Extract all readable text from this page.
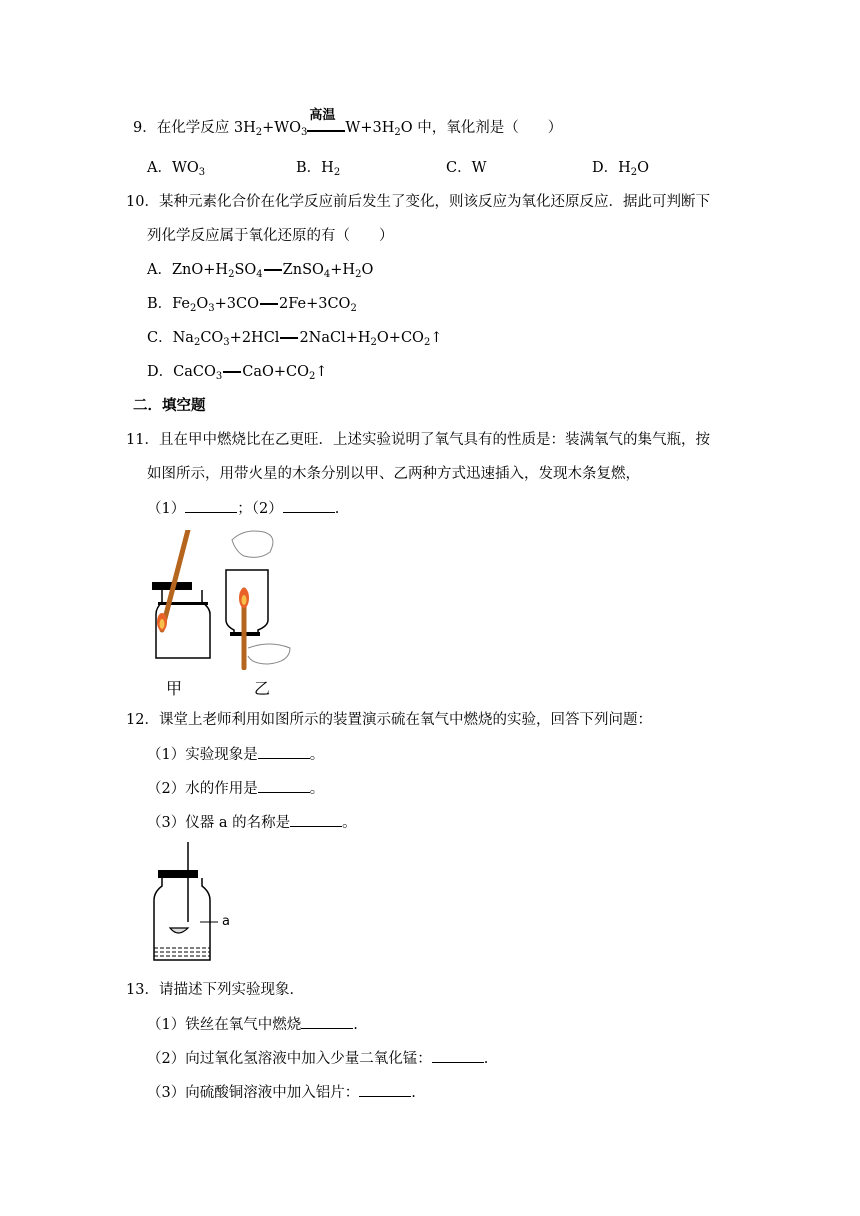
9．在化学反应 $3H_2+WO_3$
高温
$W+3H_2O$ 中，氧化剂是（　　）
A．$WO_3$	B．$H_2$	C．W	D．$H_2O$
10．某种元素化合价在化学反应前后发生了变化，则该反应为氧化还原反应．据此可判断下
列化学反应属于氧化还原的有（　　）
A．$ZnO+H_2SO_4$ $ZnSO_4+H_2O$
B．$Fe_2O_3+3CO$ $2Fe+3CO_2$
C．$Na_2CO_3+2HCl$ $2NaCl+H_2O+CO_2↑$
D．CaCO$_3$ $CaO+CO_2↑$
二．填空题
11．且在甲中燃烧比在乙更旺．上述实验说明了氧气具有的性质是：装满氧气的集气瓶，按
如图所示，用带火星的木条分别以甲、乙两种方式迅速插入，发现木条复燃，
（1）	；（2）	.
甲	乙
12．课堂上老师利用如图所示的装置演示硫在氧气中燃烧的实验，回答下列问题：
（1）实验现象是	。
（2）水的作用是	。
（3）仪器 a 的名称是	。
a
13．请描述下列实验现象．
（1）铁丝在氧气中燃烧	.
（2）向过氧化氢溶液中加入少量二氧化锰：	.
（3）向硫酸铜溶液中加入铝片：	.
